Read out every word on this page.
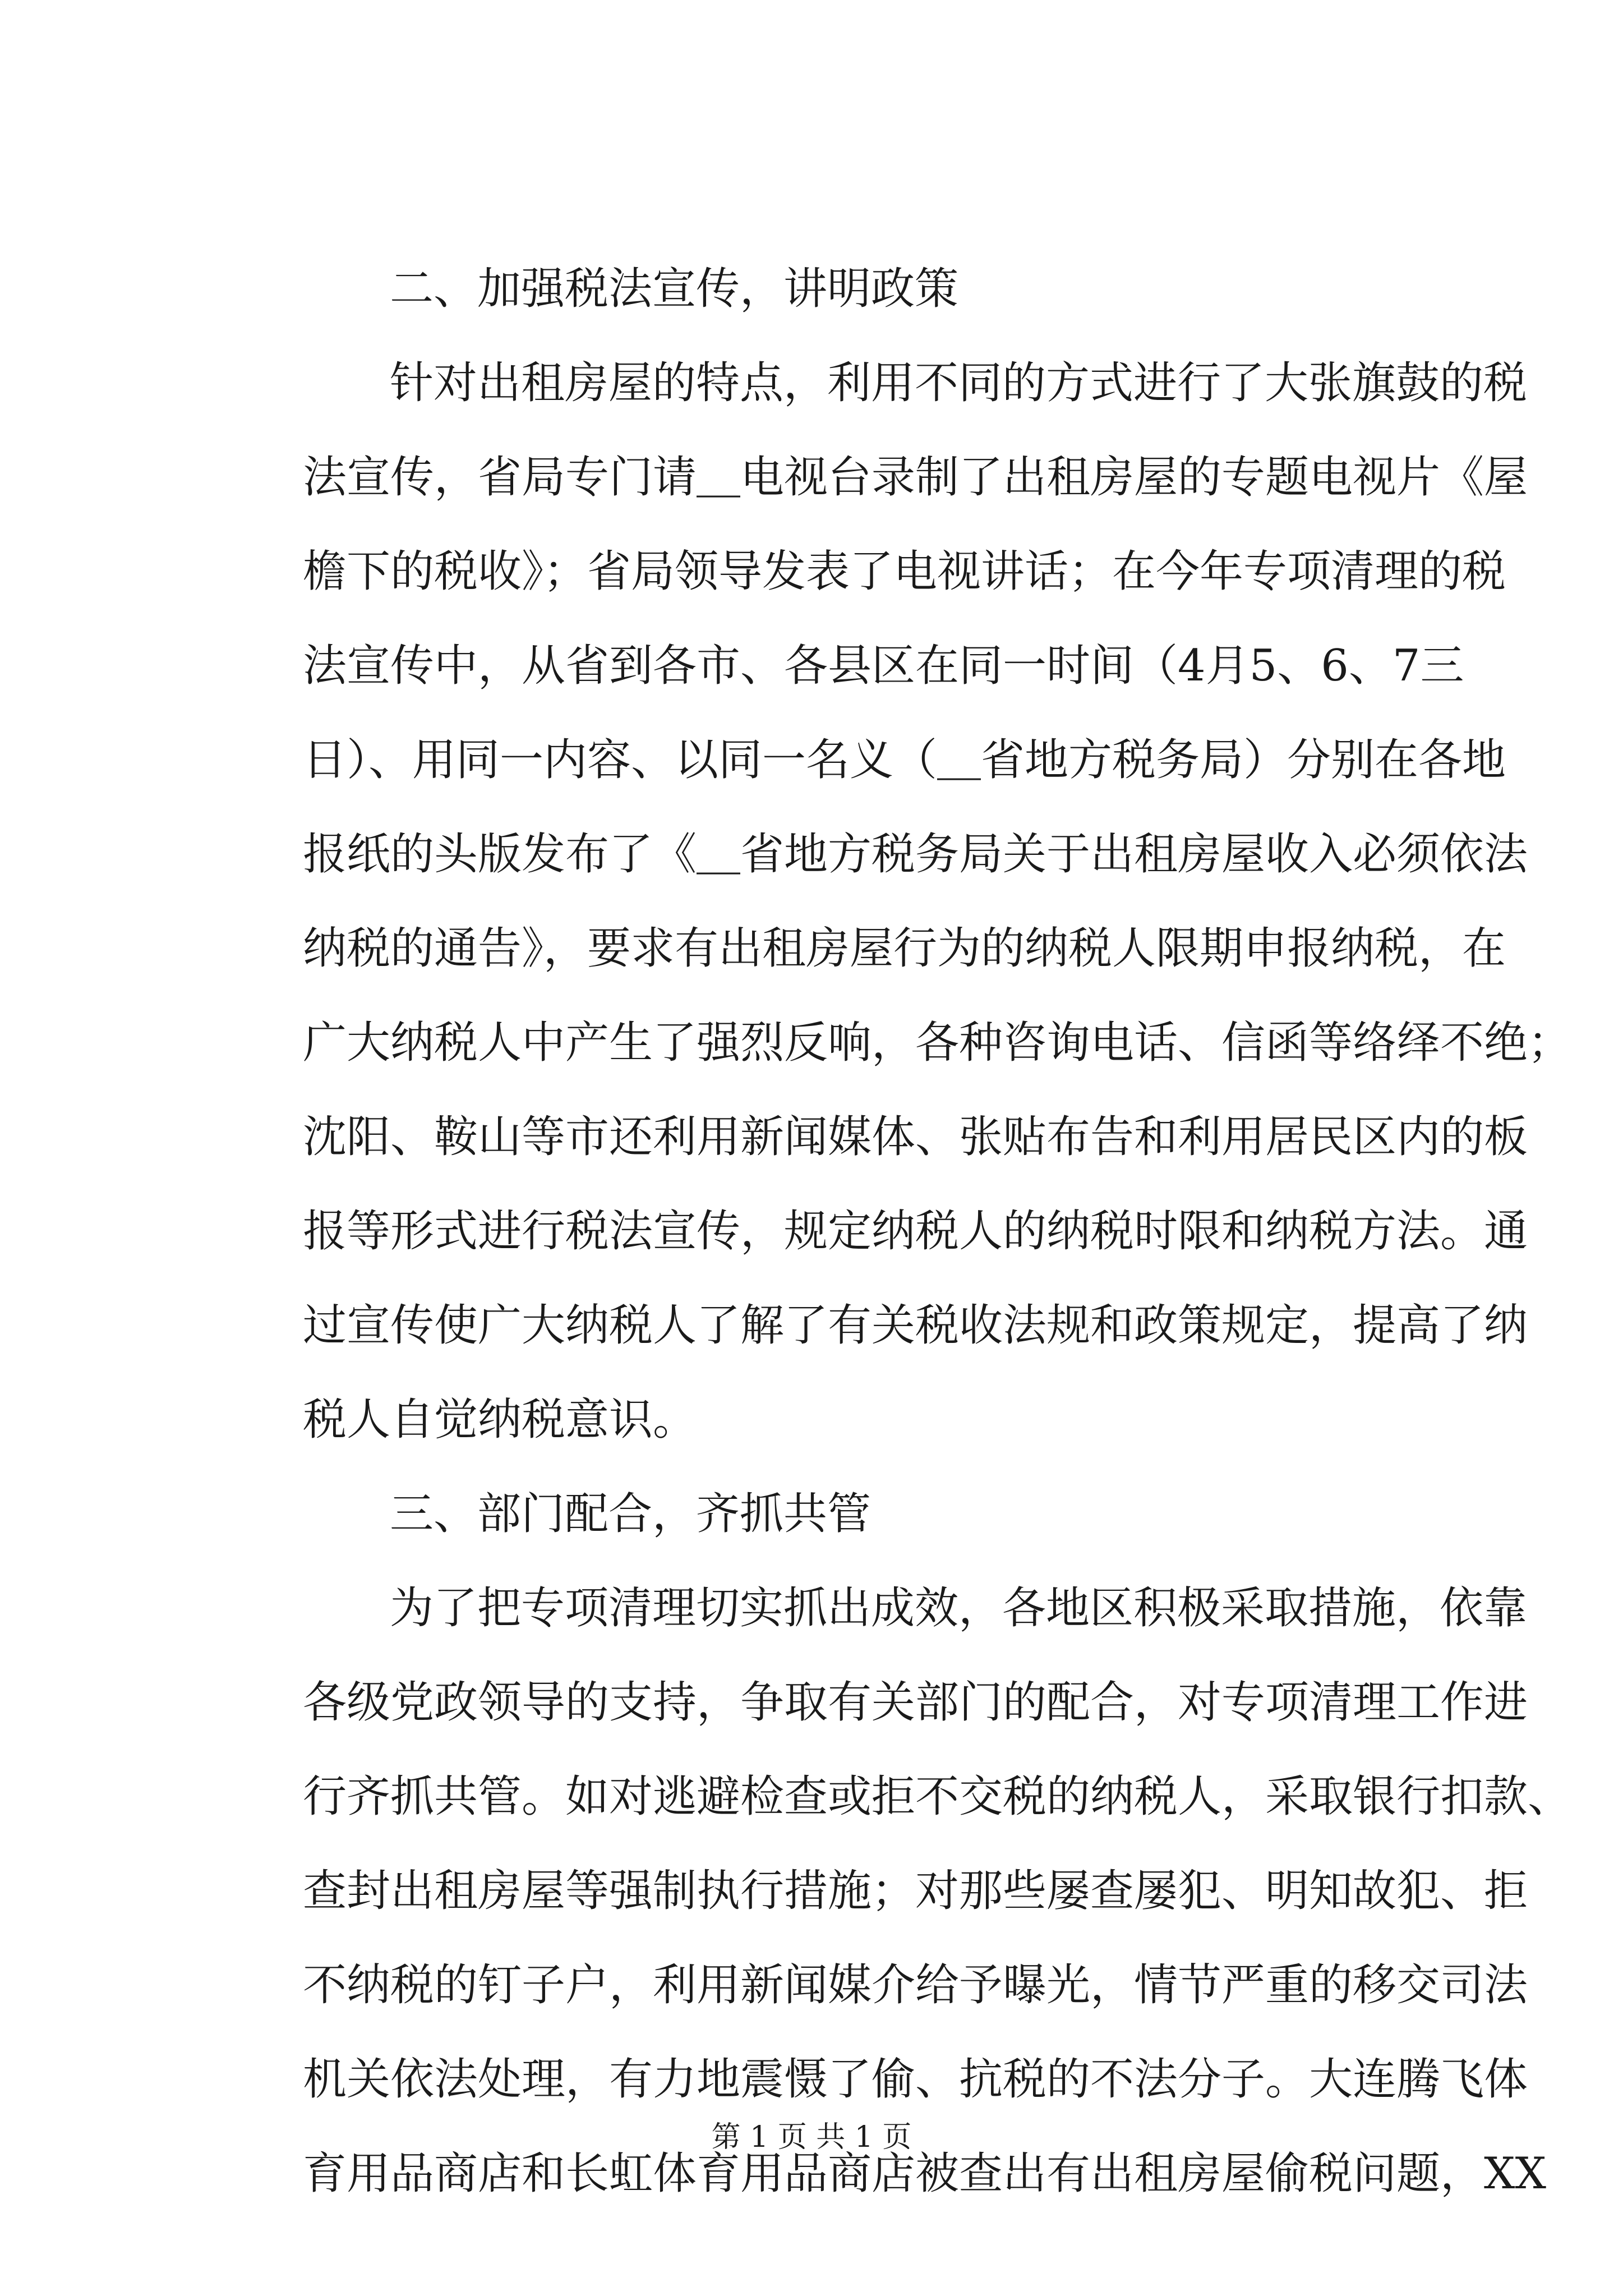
二、加强税法宣传，讲明政策
针对出租房屋的特点，利用不同的方式进行了大张旗鼓的税
法宣传，省局专门请＿电视台录制了出租房屋的专题电视片《屋
檐下的税收》；省局领导发表了电视讲话；在今年专项清理的税
法宣传中，从省到各市、各县区在同一时间（4月5、6、7三
日）、用同一内容、以同一名义（＿省地方税务局）分别在各地
报纸的头版发布了《＿省地方税务局关于出租房屋收入必须依法
纳税的通告》，要求有出租房屋行为的纳税人限期申报纳税，在
广大纳税人中产生了强烈反响，各种咨询电话、信函等络绎不绝；
沈阳、鞍山等市还利用新闻媒体、张贴布告和利用居民区内的板
报等形式进行税法宣传，规定纳税人的纳税时限和纳税方法。通
过宣传使广大纳税人了解了有关税收法规和政策规定，提高了纳
税人自觉纳税意识。
三、部门配合，齐抓共管
为了把专项清理切实抓出成效，各地区积极采取措施，依靠
各级党政领导的支持，争取有关部门的配合，对专项清理工作进
行齐抓共管。如对逃避检查或拒不交税的纳税人，采取银行扣款、
查封出租房屋等强制执行措施；对那些屡查屡犯、明知故犯、拒
不纳税的钉子户，利用新闻媒介给予曝光，情节严重的移交司法
机关依法处理，有力地震慑了偷、抗税的不法分子。大连腾飞体
育用品商店和长虹体育用品商店被查出有出租房屋偷税问题，XX
第 1 页 共 1 页
